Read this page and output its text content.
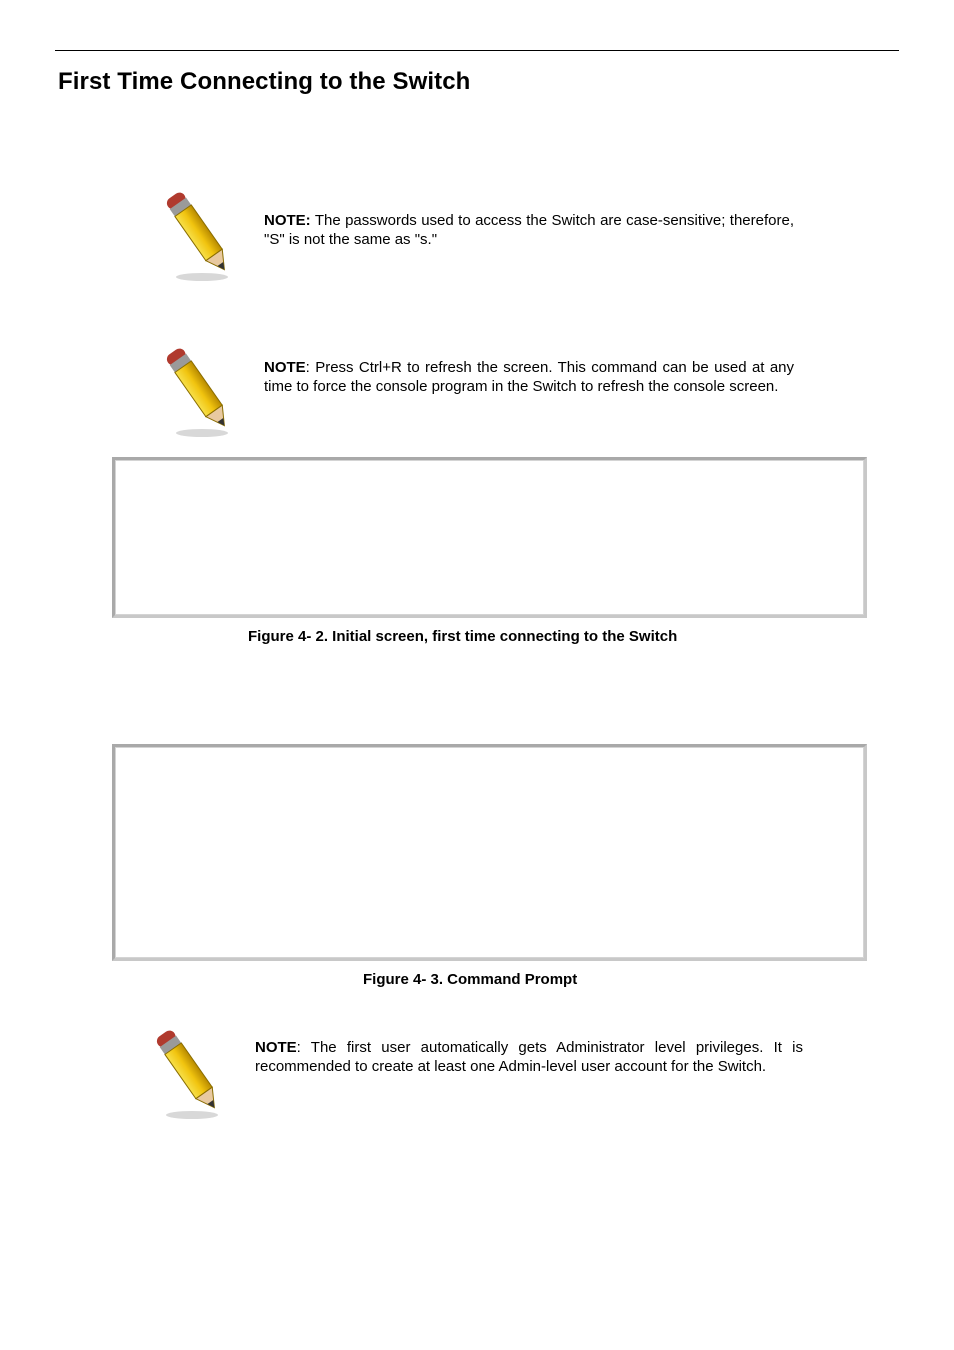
First Time Connecting to the Switch
NOTE: The passwords used to access the Switch are case-sensitive; therefore, "S" is not the same as "s."
NOTE: Press Ctrl+R to refresh the screen. This command can be used at any time to force the console program in the Switch to refresh the console screen.

Figure 4- 2. Initial screen, first time connecting to the Switch

Figure 4- 3. Command Prompt

NOTE: The first user automatically gets Administrator level privileges. It is recommended to create at least one Admin-level user account for the Switch.
